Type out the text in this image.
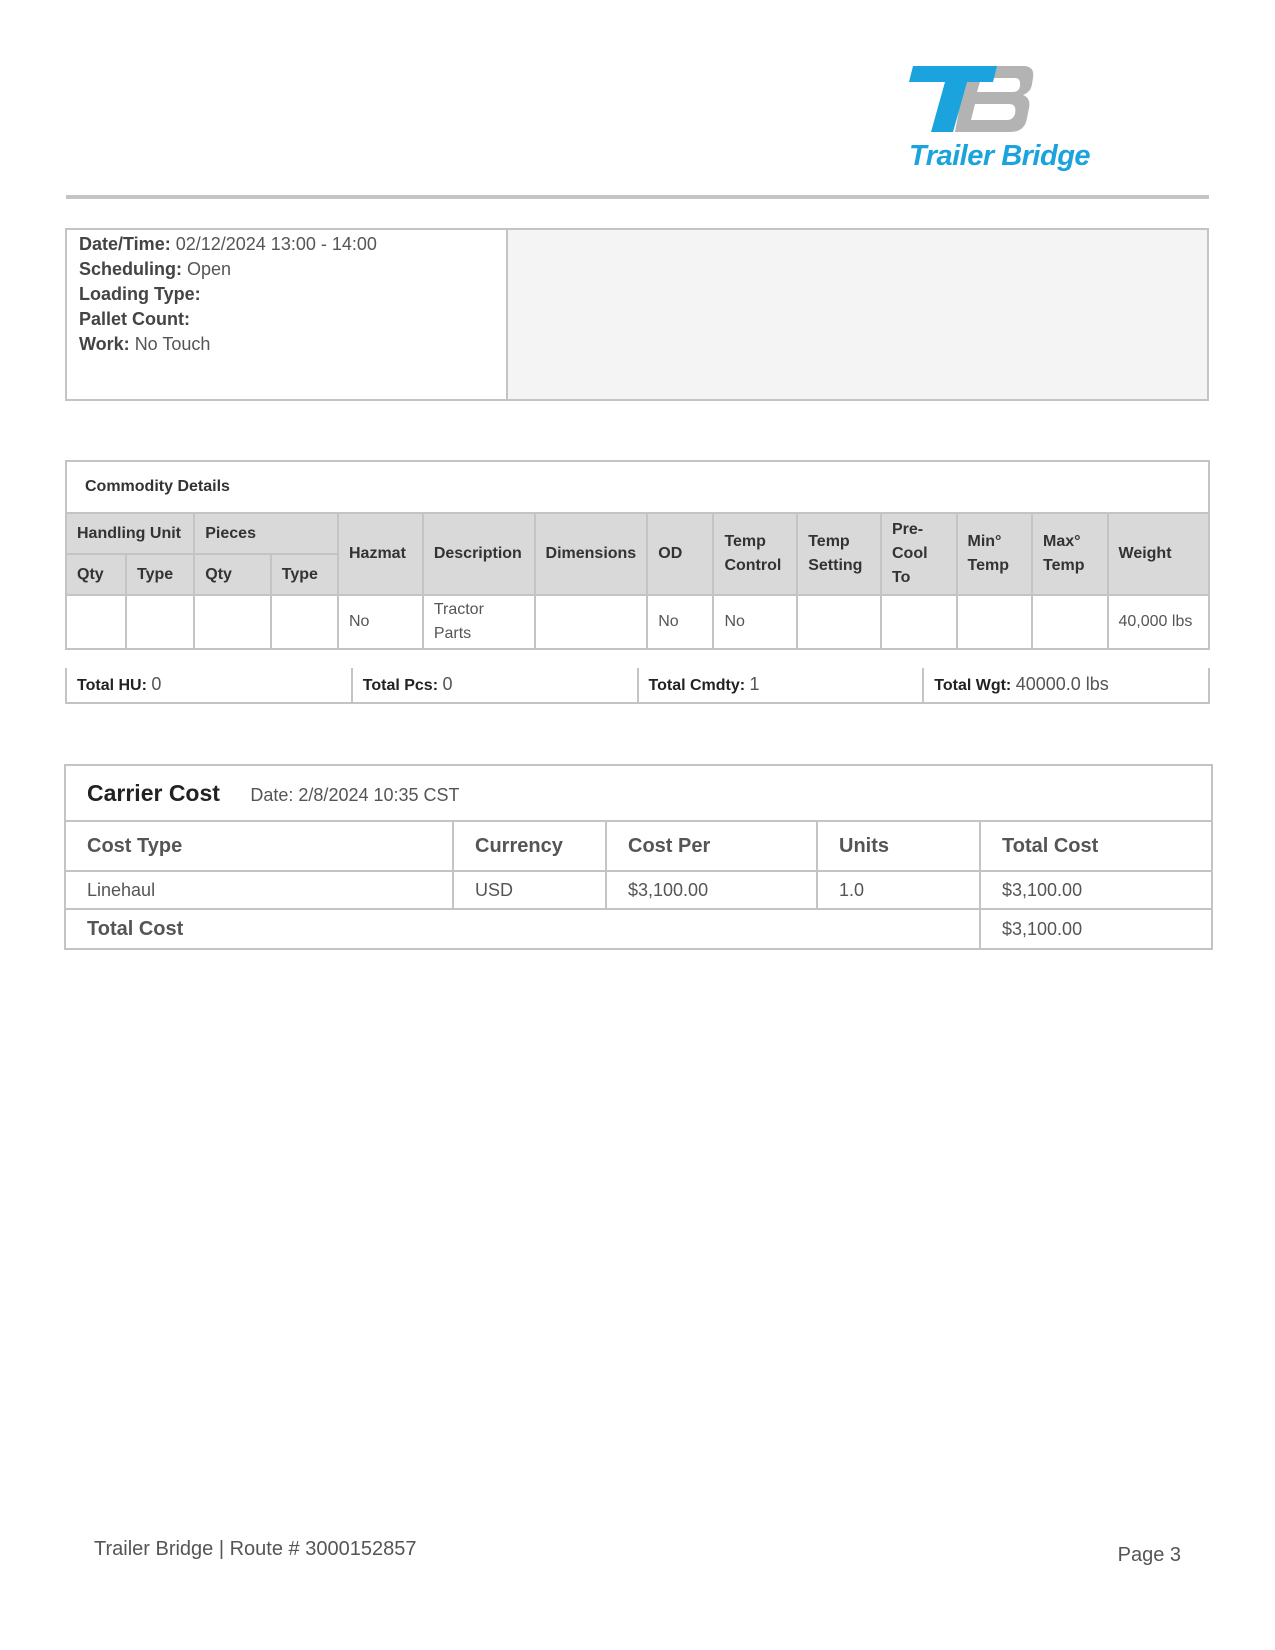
Trailer Bridge
Date/Time: 02/12/2024 13:00 - 14:00
Scheduling: Open
Loading Type:
Pallet Count:
Work: No Touch
Commodity Details													
Handling Unit		Pieces		Hazmat	Description	Dimensions	OD	Temp Control	Temp Setting	Pre-Cool To	Min° Temp	Max° Temp	Weight
Qty	Type	Qty	Type										
				No	Tractor Parts		No	No					40,000 lbs
Total HU: 0	Total Pcs: 0	Total Cmdty: 1	Total Wgt: 40000.0 lbs
Carrier Cost Date: 2/8/2024 10:35 CST				
Cost Type	Currency	Cost Per	Units	Total Cost
Linehaul	USD	$3,100.00	1.0	$3,100.00
Total Cost				$3,100.00
Trailer Bridge | Route # 3000152857	Page 3
